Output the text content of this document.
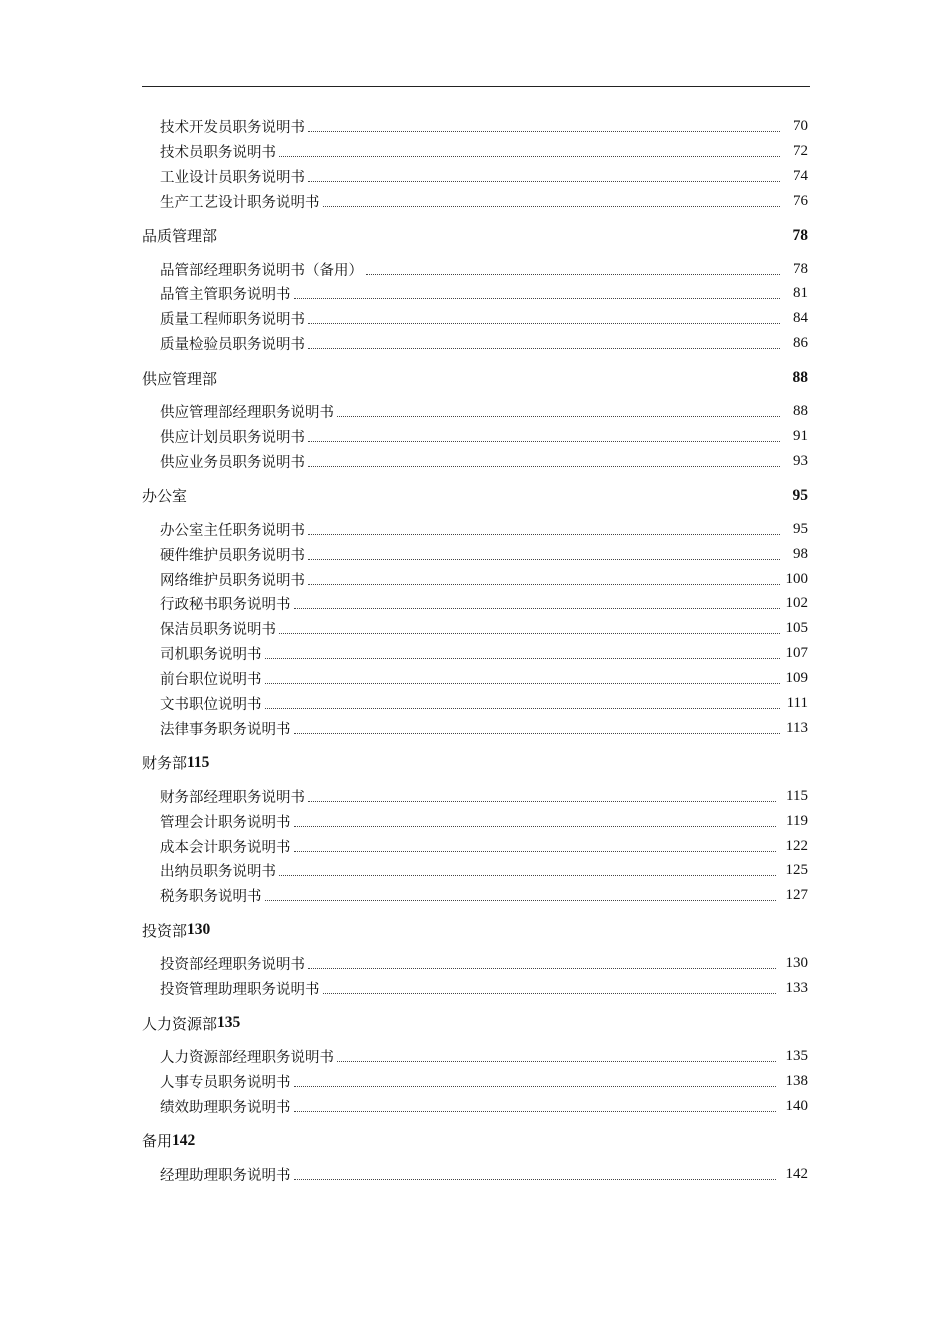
技术开发员职务说明书	70
技术员职务说明书	72
工业设计员职务说明书	74
生产工艺设计职务说明书	76
品质管理部	78
品管部经理职务说明书（备用）	78
品管主管职务说明书	81
质量工程师职务说明书	84
质量检验员职务说明书	86
供应管理部	88
供应管理部经理职务说明书	88
供应计划员职务说明书	91
供应业务员职务说明书	93
办公室	95
办公室主任职务说明书	95
硬件维护员职务说明书	98
网络维护员职务说明书	100
行政秘书职务说明书	102
保洁员职务说明书	105
司机职务说明书	107
前台职位说明书	109
文书职位说明书	111
法律事务职务说明书	113
财务部 115
财务部经理职务说明书	115
管理会计职务说明书	119
成本会计职务说明书	122
出纳员职务说明书	125
税务职务说明书	127
投资部 130
投资部经理职务说明书	130
投资管理助理职务说明书	133
人力资源部 135
人力资源部经理职务说明书	135
人事专员职务说明书	138
绩效助理职务说明书	140
备用 142
经理助理职务说明书	142
